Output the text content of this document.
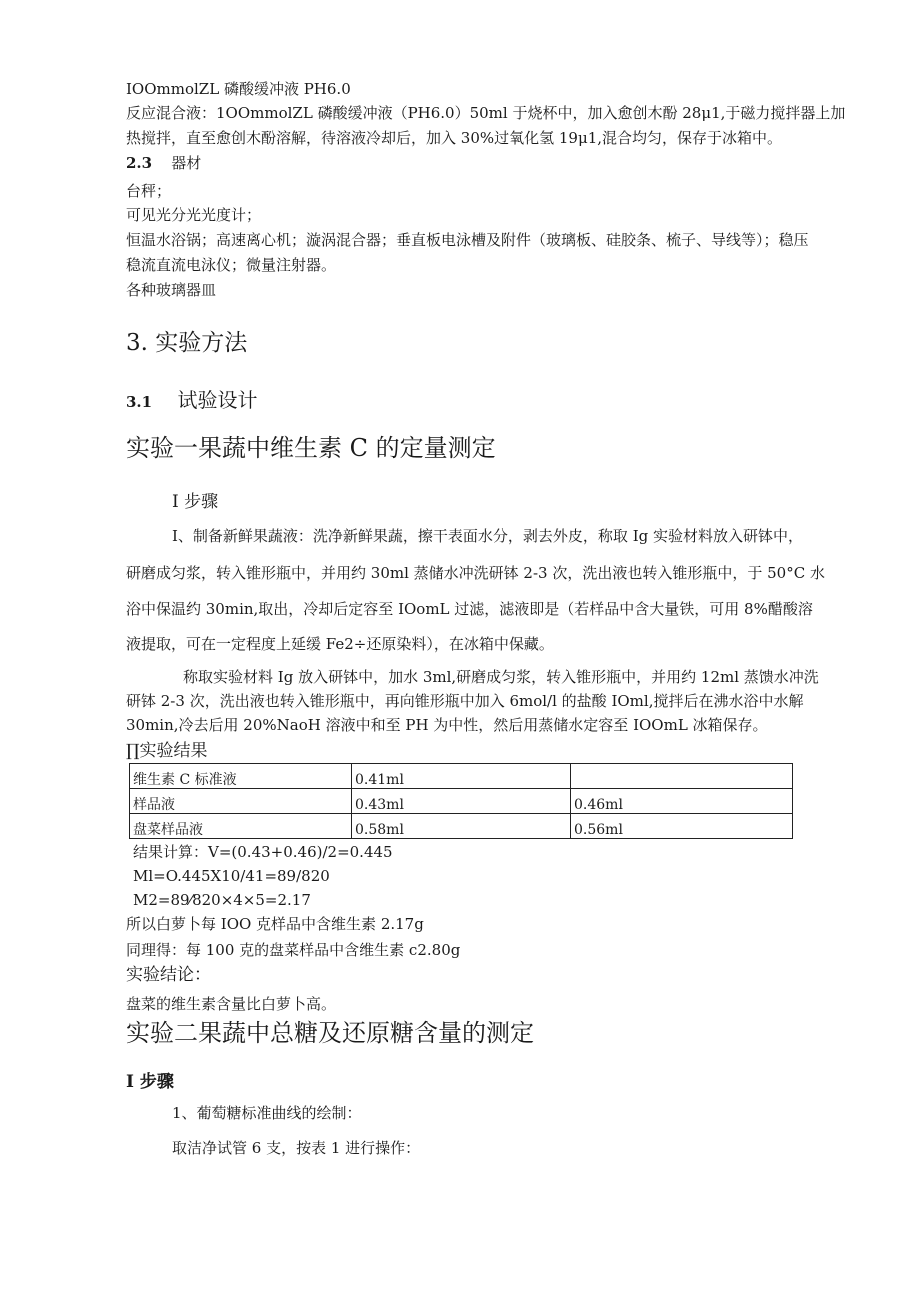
IOOmmolZL 磷酸缓冲液 PH6.0
反应混合液：1OOmmolZL 磷酸缓冲液（PH6.0）50ml 于烧杯中，加入愈创木酚 28μ1,于磁力搅拌器上加
热搅拌，直至愈创木酚溶解，待溶液冷却后，加入 30%过氧化氢 19μ1,混合均匀，保存于冰箱中。
2.3 器材
台秤；
可见光分光光度计；
恒温水浴锅；高速离心机；漩涡混合器；垂直板电泳槽及附件（玻璃板、硅胶条、梳子、导线等）；稳压
稳流直流电泳仪；微量注射器。
各种玻璃器皿
3. 实验方法
3.1 试验设计
实验一果蔬中维生素 C 的定量测定
I 步骤
I、制备新鲜果蔬液：洗净新鲜果蔬，擦干表面水分，剥去外皮，称取 Ig 实验材料放入研钵中，
研磨成匀浆，转入锥形瓶中，并用约 30ml 蒸储水冲洗研钵 2-3 次，洗出液也转入锥形瓶中，于 50°C 水
浴中保温约 30min,取出，冷却后定容至 IOomL 过滤，滤液即是（若样品中含大量铁，可用 8%醋酸溶
液提取，可在一定程度上延缓 Fe2÷还原染料），在冰箱中保藏。
称取实验材料 Ig 放入研钵中，加水 3ml,研磨成匀浆，转入锥形瓶中，并用约 12ml 蒸馈水冲洗
研钵 2-3 次，洗出液也转入锥形瓶中，再向锥形瓶中加入 6mol/l 的盐酸 IOml,搅拌后在沸水浴中水解
30min,冷去后用 20%NaoH 溶液中和至 PH 为中性，然后用蒸储水定容至 IOOmL 冰箱保存。
∏实验结果
维生素 C 标准液	0.41ml	
样品液	0.43ml	0.46ml
盘菜样品液	0.58ml	0.56ml
结果计算：V=(0.43+0.46)/2=0.445
Ml=O.445X10/41=89/820
M2=89⁄820×4×5=2.17
所以白萝卜每 IOO 克样品中含维生素 2.17g
同理得：每 100 克的盘菜样品中含维生素 c2.80g
实验结论：
盘菜的维生素含量比白萝卜高。
实验二果蔬中总糖及还原糖含量的测定
I 步骤
1、葡萄糖标准曲线的绘制：
取洁净试管 6 支，按表 1 进行操作：
